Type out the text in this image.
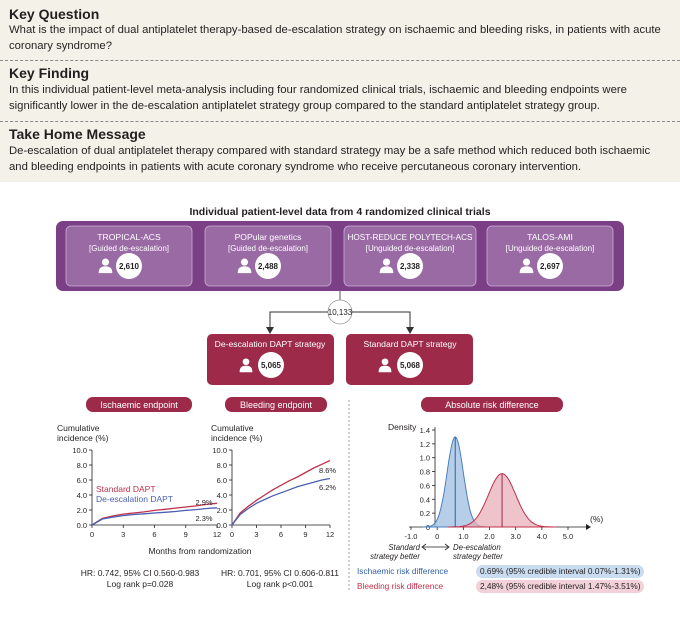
Key Question
What is the impact of dual antiplatelet therapy-based de-escalation strategy on ischaemic and bleeding risks, in patients with acute coronary syndrome?
Key Finding
In this individual patient-level meta-analysis including four randomized clinical trials, ischaemic and bleeding endpoints were significantly lower in the de-escalation antiplatelet strategy group compared to the standard antiplatelet strategy group.
Take Home Message
De-escalation of dual antiplatelet therapy compared with standard strategy may be a safe method which reduced both ischaemic and bleeding endpoints in patients with acute coronary syndrome who receive percutaneous coronary intervention.
Individual patient-level data from 4 randomized clinical trials
TROPICAL-ACS
[Guided de-escalation]
2,610
POPular genetics
[Guided de-escalation]
2,488
HOST-REDUCE POLYTECH-ACS
[Unguided de-escalation]
2,338
TALOS-AMI
[Unguided de-escalation]
2,697
10,133
De-escalation DAPT strategy
5,065
Standard DAPT strategy
5,068
Ischaemic endpoint	Bleeding endpoint	Absolute risk difference
Cumulative
incidence (%)
10.0
8.0
6.0
4.0
2.0
0.0
0	3	6	9	12
Standard DAPT
De-escalation DAPT	2.9%
2.3%
Cumulative
incidence (%)
10.0
8.0
6.0
4.0
2.0
0.0
0	3	6	9 12
8.6%
6.2%
Months from randomization
HR: 0.742, 95% CI 0.560-0.983
Log rank p=0.028
HR: 0.701, 95% CI 0.606-0.811
Log rank p<0.001
Density 1.4
1.2
1.0
0.8
0.6
0.4
0.2
-1.0 0	1.0 2.0 3.0 4.0 5.0
(%)
Standard
strategy better
De-escalation
strategy better
Ischaemic risk difference	0.69% (95% credible interval 0.07%-1.31%)
Bleeding risk difference	2,48% (95% credible interval 1.47%-3.51%)
